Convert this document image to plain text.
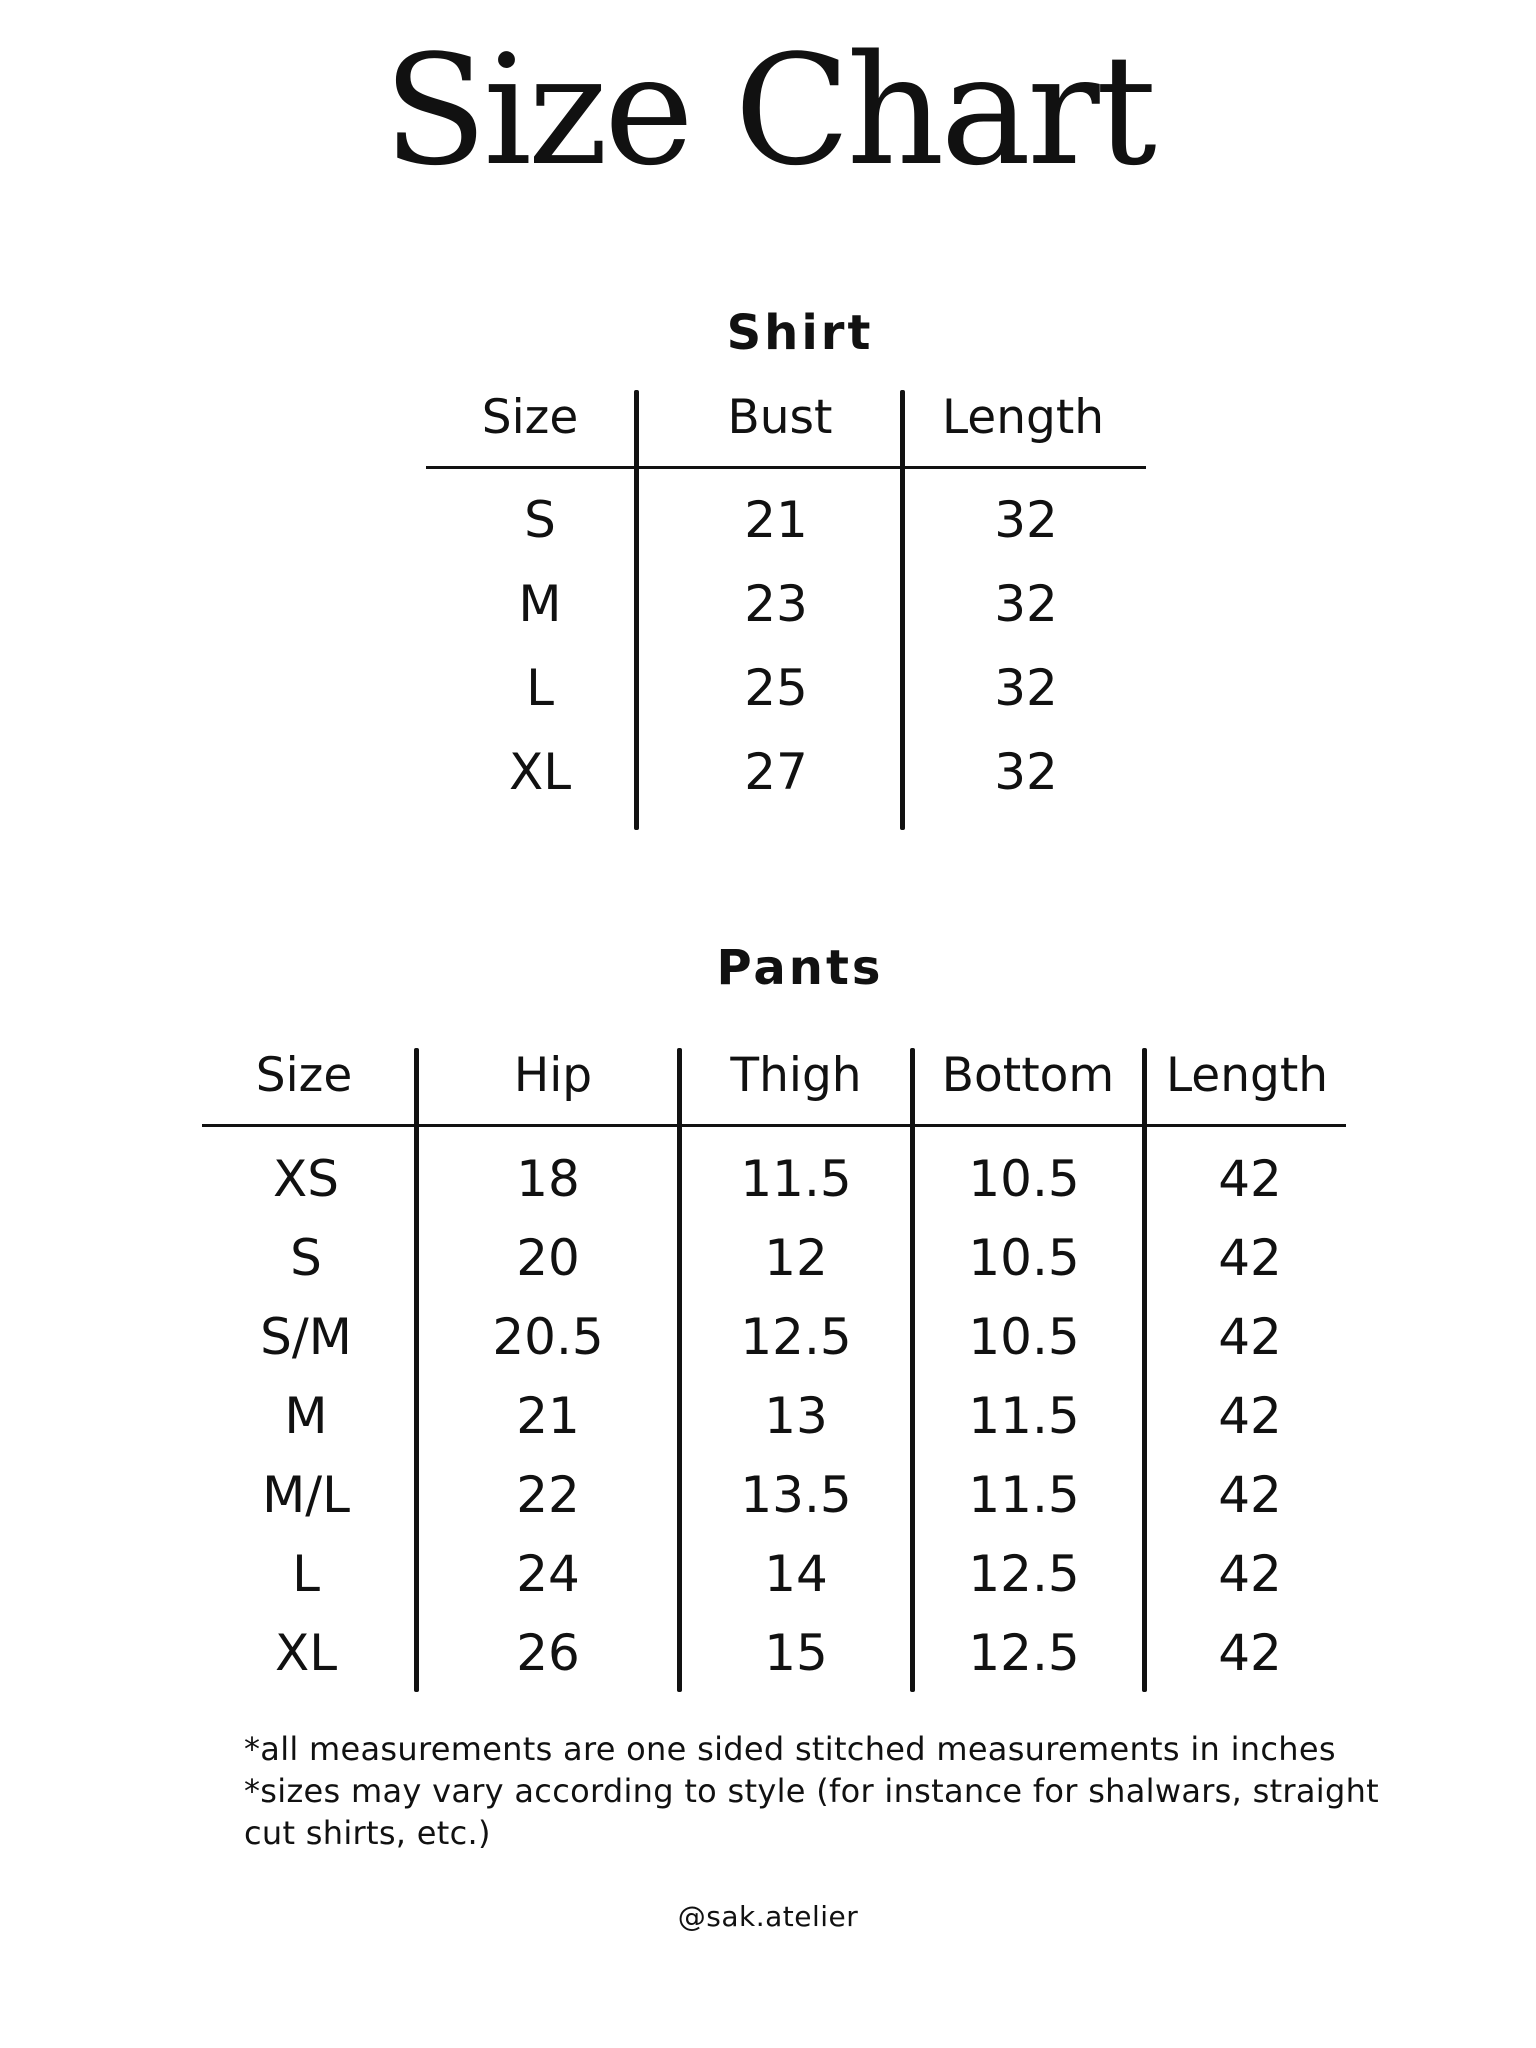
Size Chart
Shirt
Size	Bust	Length
S	21	32
M	23	32
L	25	32
XL	27	32
Pants
Size	Hip	Thigh	Bottom	Length
XS	18	11.5	10.5	42
S	20	12	10.5	42
S/M	20.5	12.5	10.5	42
M	21	13	11.5	42
M/L	22	13.5	11.5	42
L	24	14	12.5	42
XL	26	15	12.5	42
*all measurements are one sided stitched measurements in inches
*sizes may vary according to style (for instance for shalwars, straight
cut shirts, etc.)
@sak.atelier
